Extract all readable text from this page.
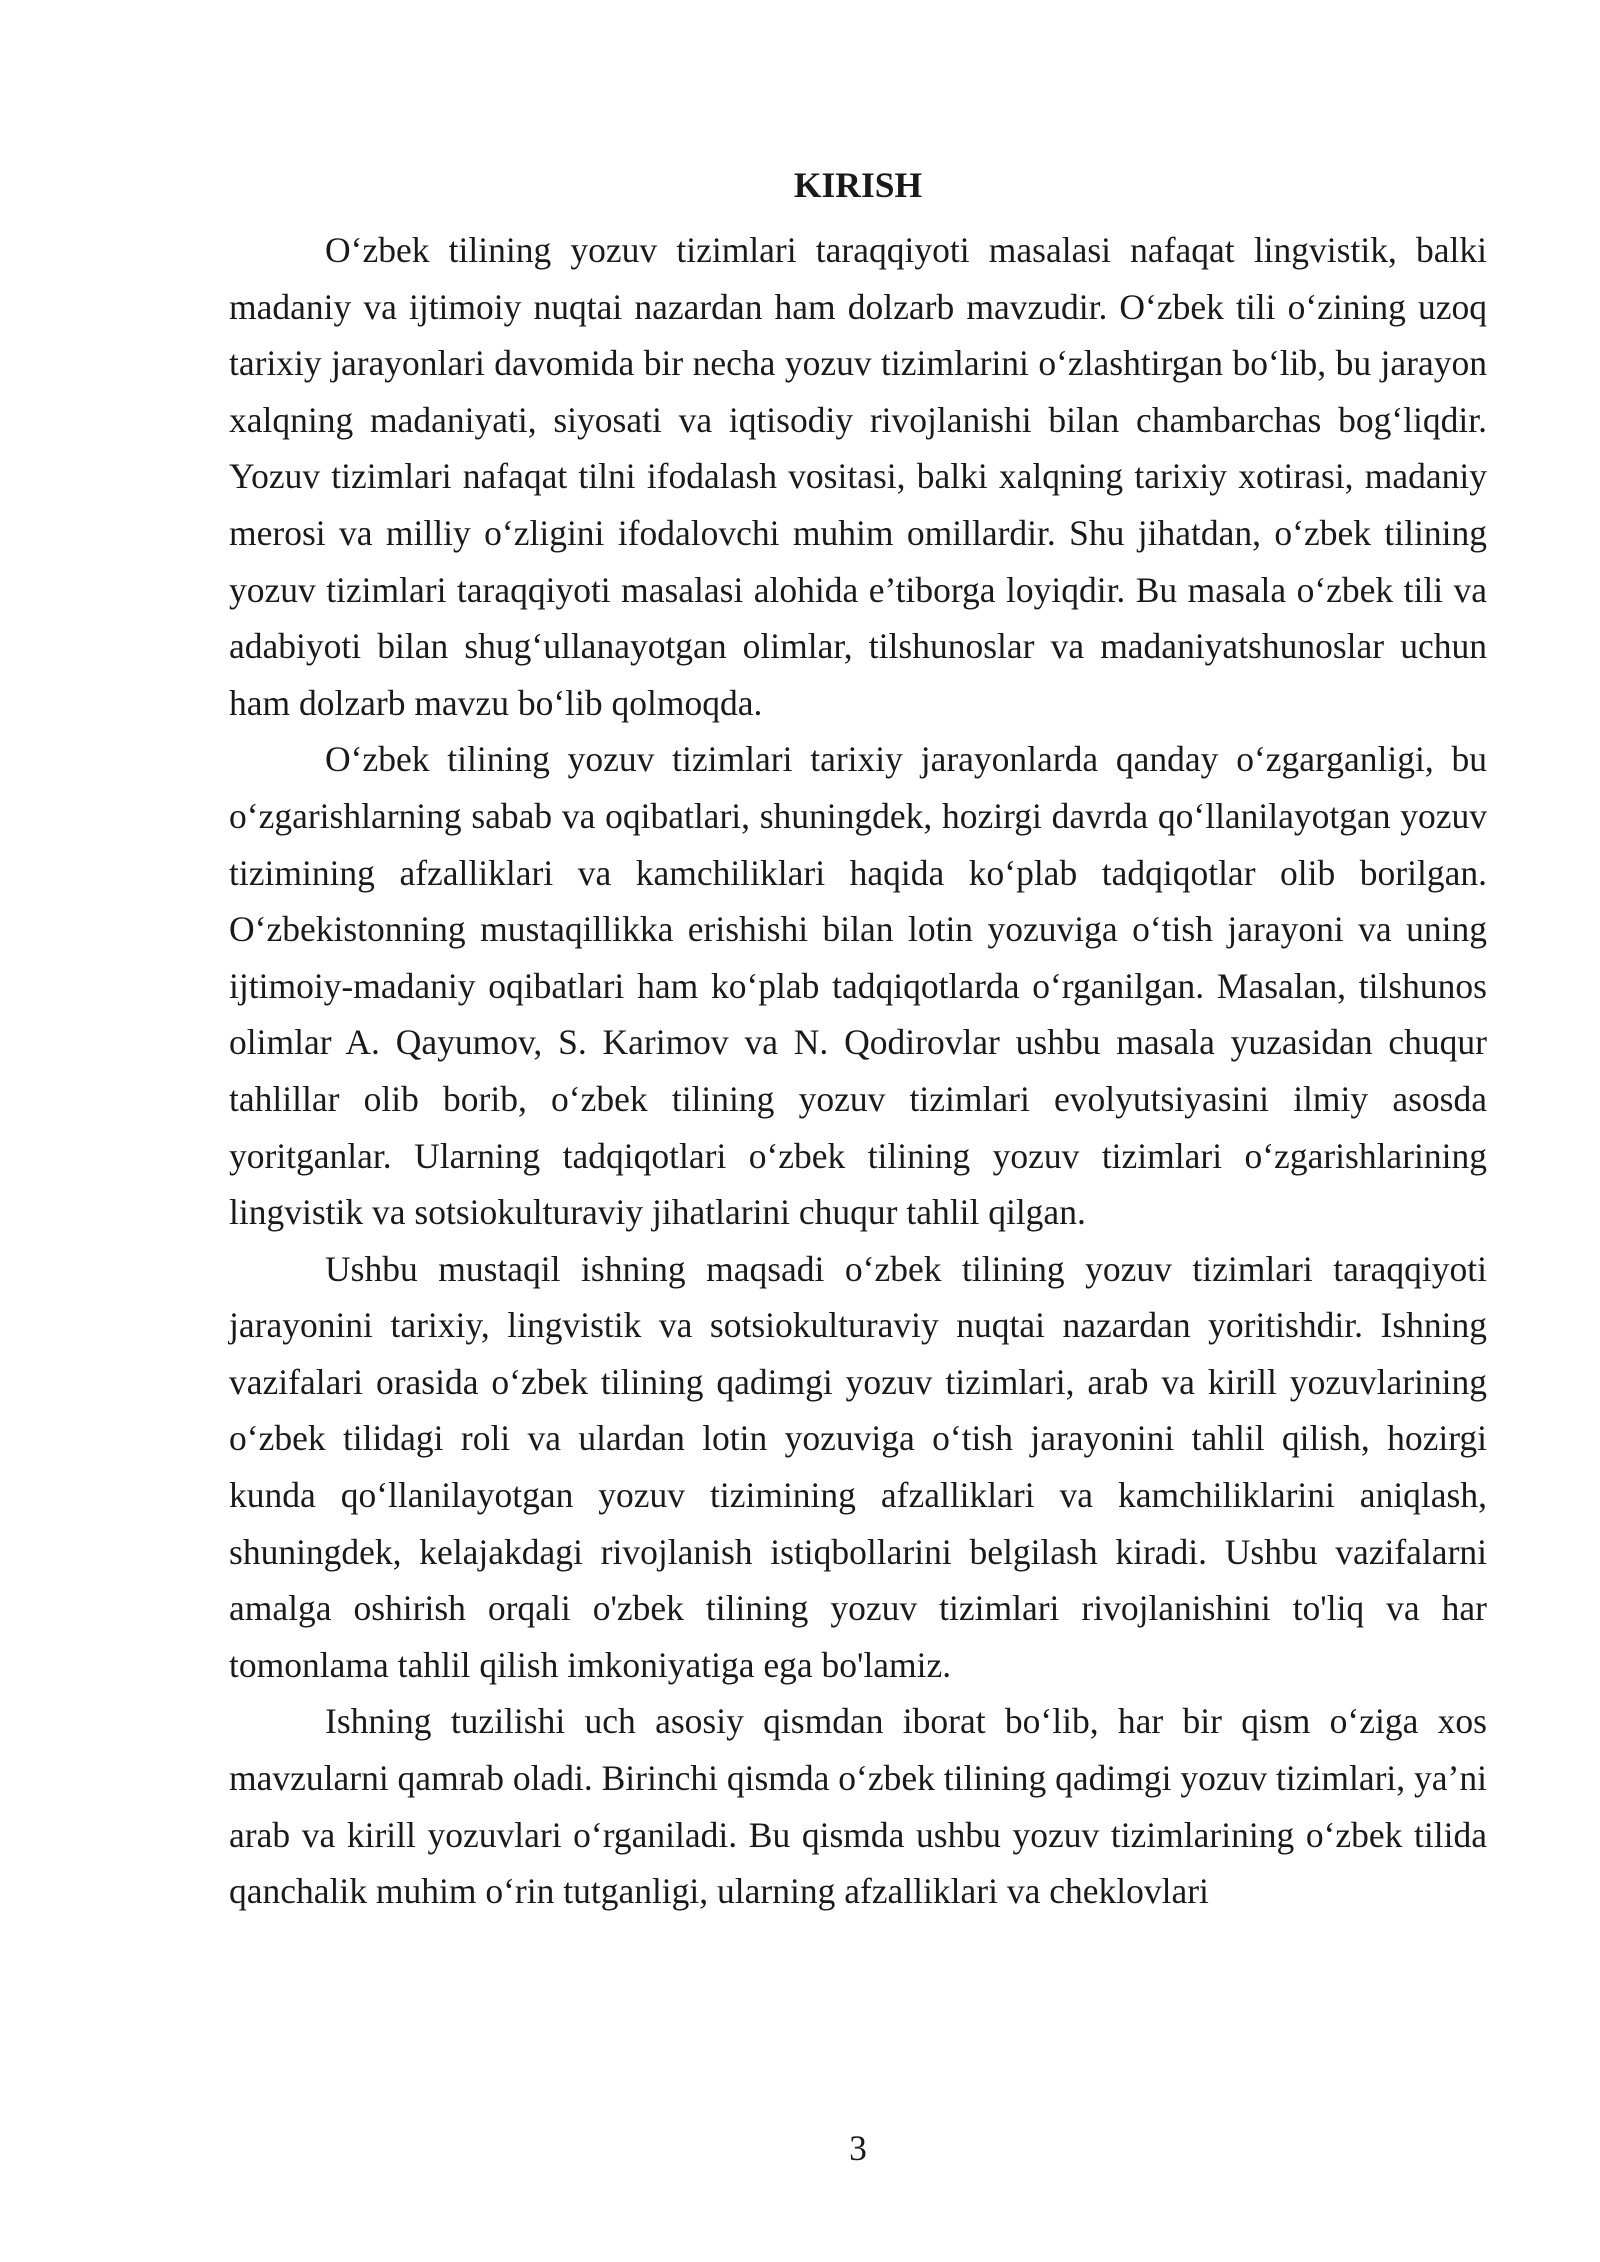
KIRISH

O‘zbek tilining yozuv tizimlari taraqqiyoti masalasi nafaqat lingvistik, balki madaniy va ijtimoiy nuqtai nazardan ham dolzarb mavzudir. O‘zbek tili o‘zining uzoq tarixiy jarayonlari davomida bir necha yozuv tizimlarini o‘zlashtirgan bo‘lib, bu jarayon xalqning madaniyati, siyosati va iqtisodiy rivojlanishi bilan chambarchas bog‘liqdir. Yozuv tizimlari nafaqat tilni ifodalash vositasi, balki xalqning tarixiy xotirasi, madaniy merosi va milliy o‘zligini ifodalovchi muhim omillardir. Shu jihatdan, o‘zbek tilining yozuv tizimlari taraqqiyoti masalasi alohida e’tiborga loyiqdir. Bu masala o‘zbek tili va adabiyoti bilan shug‘ullanayotgan olimlar, tilshunoslar va madaniyatshunoslar uchun ham dolzarb mavzu bo‘lib qolmoqda.

O‘zbek tilining yozuv tizimlari tarixiy jarayonlarda qanday o‘zgarganligi, bu o‘zgarishlarning sabab va oqibatlari, shuningdek, hozirgi davrda qo‘llanilayotgan yozuv tizimining afzalliklari va kamchiliklari haqida ko‘plab tadqiqotlar olib borilgan. O‘zbekistonning mustaqillikka erishishi bilan lotin yozuviga o‘tish jarayoni va uning ijtimoiy-madaniy oqibatlari ham ko‘plab tadqiqotlarda o‘rganilgan. Masalan, tilshunos olimlar A. Qayumov, S. Karimov va N. Qodirovlar ushbu masala yuzasidan chuqur tahlillar olib borib, o‘zbek tilining yozuv tizimlari evolyutsiyasini ilmiy asosda yoritganlar. Ularning tadqiqotlari o‘zbek tilining yozuv tizimlari o‘zgarishlarining lingvistik va sotsiokulturaviy jihatlarini chuqur tahlil qilgan.

Ushbu mustaqil ishning maqsadi o‘zbek tilining yozuv tizimlari taraqqiyoti jarayonini tarixiy, lingvistik va sotsiokulturaviy nuqtai nazardan yoritishdir. Ishning vazifalari orasida o‘zbek tilining qadimgi yozuv tizimlari, arab va kirill yozuvlarining o‘zbek tilidagi roli va ulardan lotin yozuviga o‘tish jarayonini tahlil qilish, hozirgi kunda qo‘llanilayotgan yozuv tizimining afzalliklari va kamchiliklarini aniqlash, shuningdek, kelajakdagi rivojlanish istiqbollarini belgilash kiradi. Ushbu vazifalarni amalga oshirish orqali o'zbek tilining yozuv tizimlari rivojlanishini to'liq va har tomonlama tahlil qilish imkoniyatiga ega bo'lamiz.

Ishning tuzilishi uch asosiy qismdan iborat bo‘lib, har bir qism o‘ziga xos mavzularni qamrab oladi. Birinchi qismda o‘zbek tilining qadimgi yozuv tizimlari, ya’ni arab va kirill yozuvlari o‘rganiladi. Bu qismda ushbu yozuv tizimlarining o‘zbek tilida qanchalik muhim o‘rin tutganligi, ularning afzalliklari va cheklovlari

3
